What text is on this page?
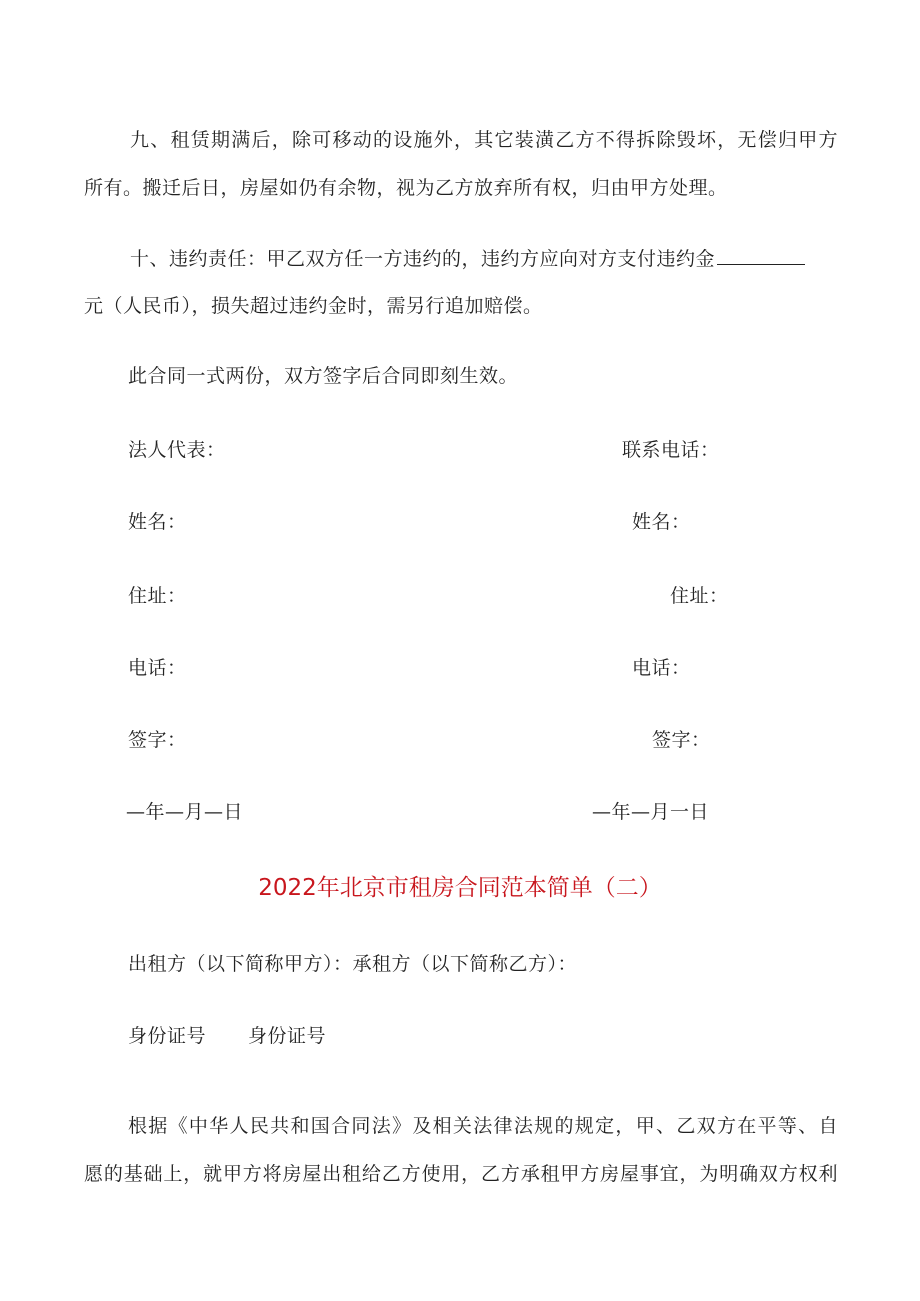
九、租赁期满后，除可移动的设施外，其它装潢乙方不得拆除毁坏，无偿归甲方
所有。搬迁后日，房屋如仍有余物，视为乙方放弃所有权，归由甲方处理。
十、违约责任：甲乙双方任一方违约的，违约方应向对方支付违约金
元（人民币），损失超过违约金时，需另行追加赔偿。
此合同一式两份，双方签字后合同即刻生效。
法人代表：
姓名：
住址：
电话：
签字：
—年—月—日
联系电话：
姓名：
住址：
电话：
签字：
—年—月一日
2022年北京市租房合同范本简单（二）
出租方（以下简称甲方）：承租方（以下简称乙方）：
身份证号 身份证号
根据《中华人民共和国合同法》及相关法律法规的规定，甲、乙双方在平等、自
愿的基础上，就甲方将房屋出租给乙方使用，乙方承租甲方房屋事宜，为明确双方权利
